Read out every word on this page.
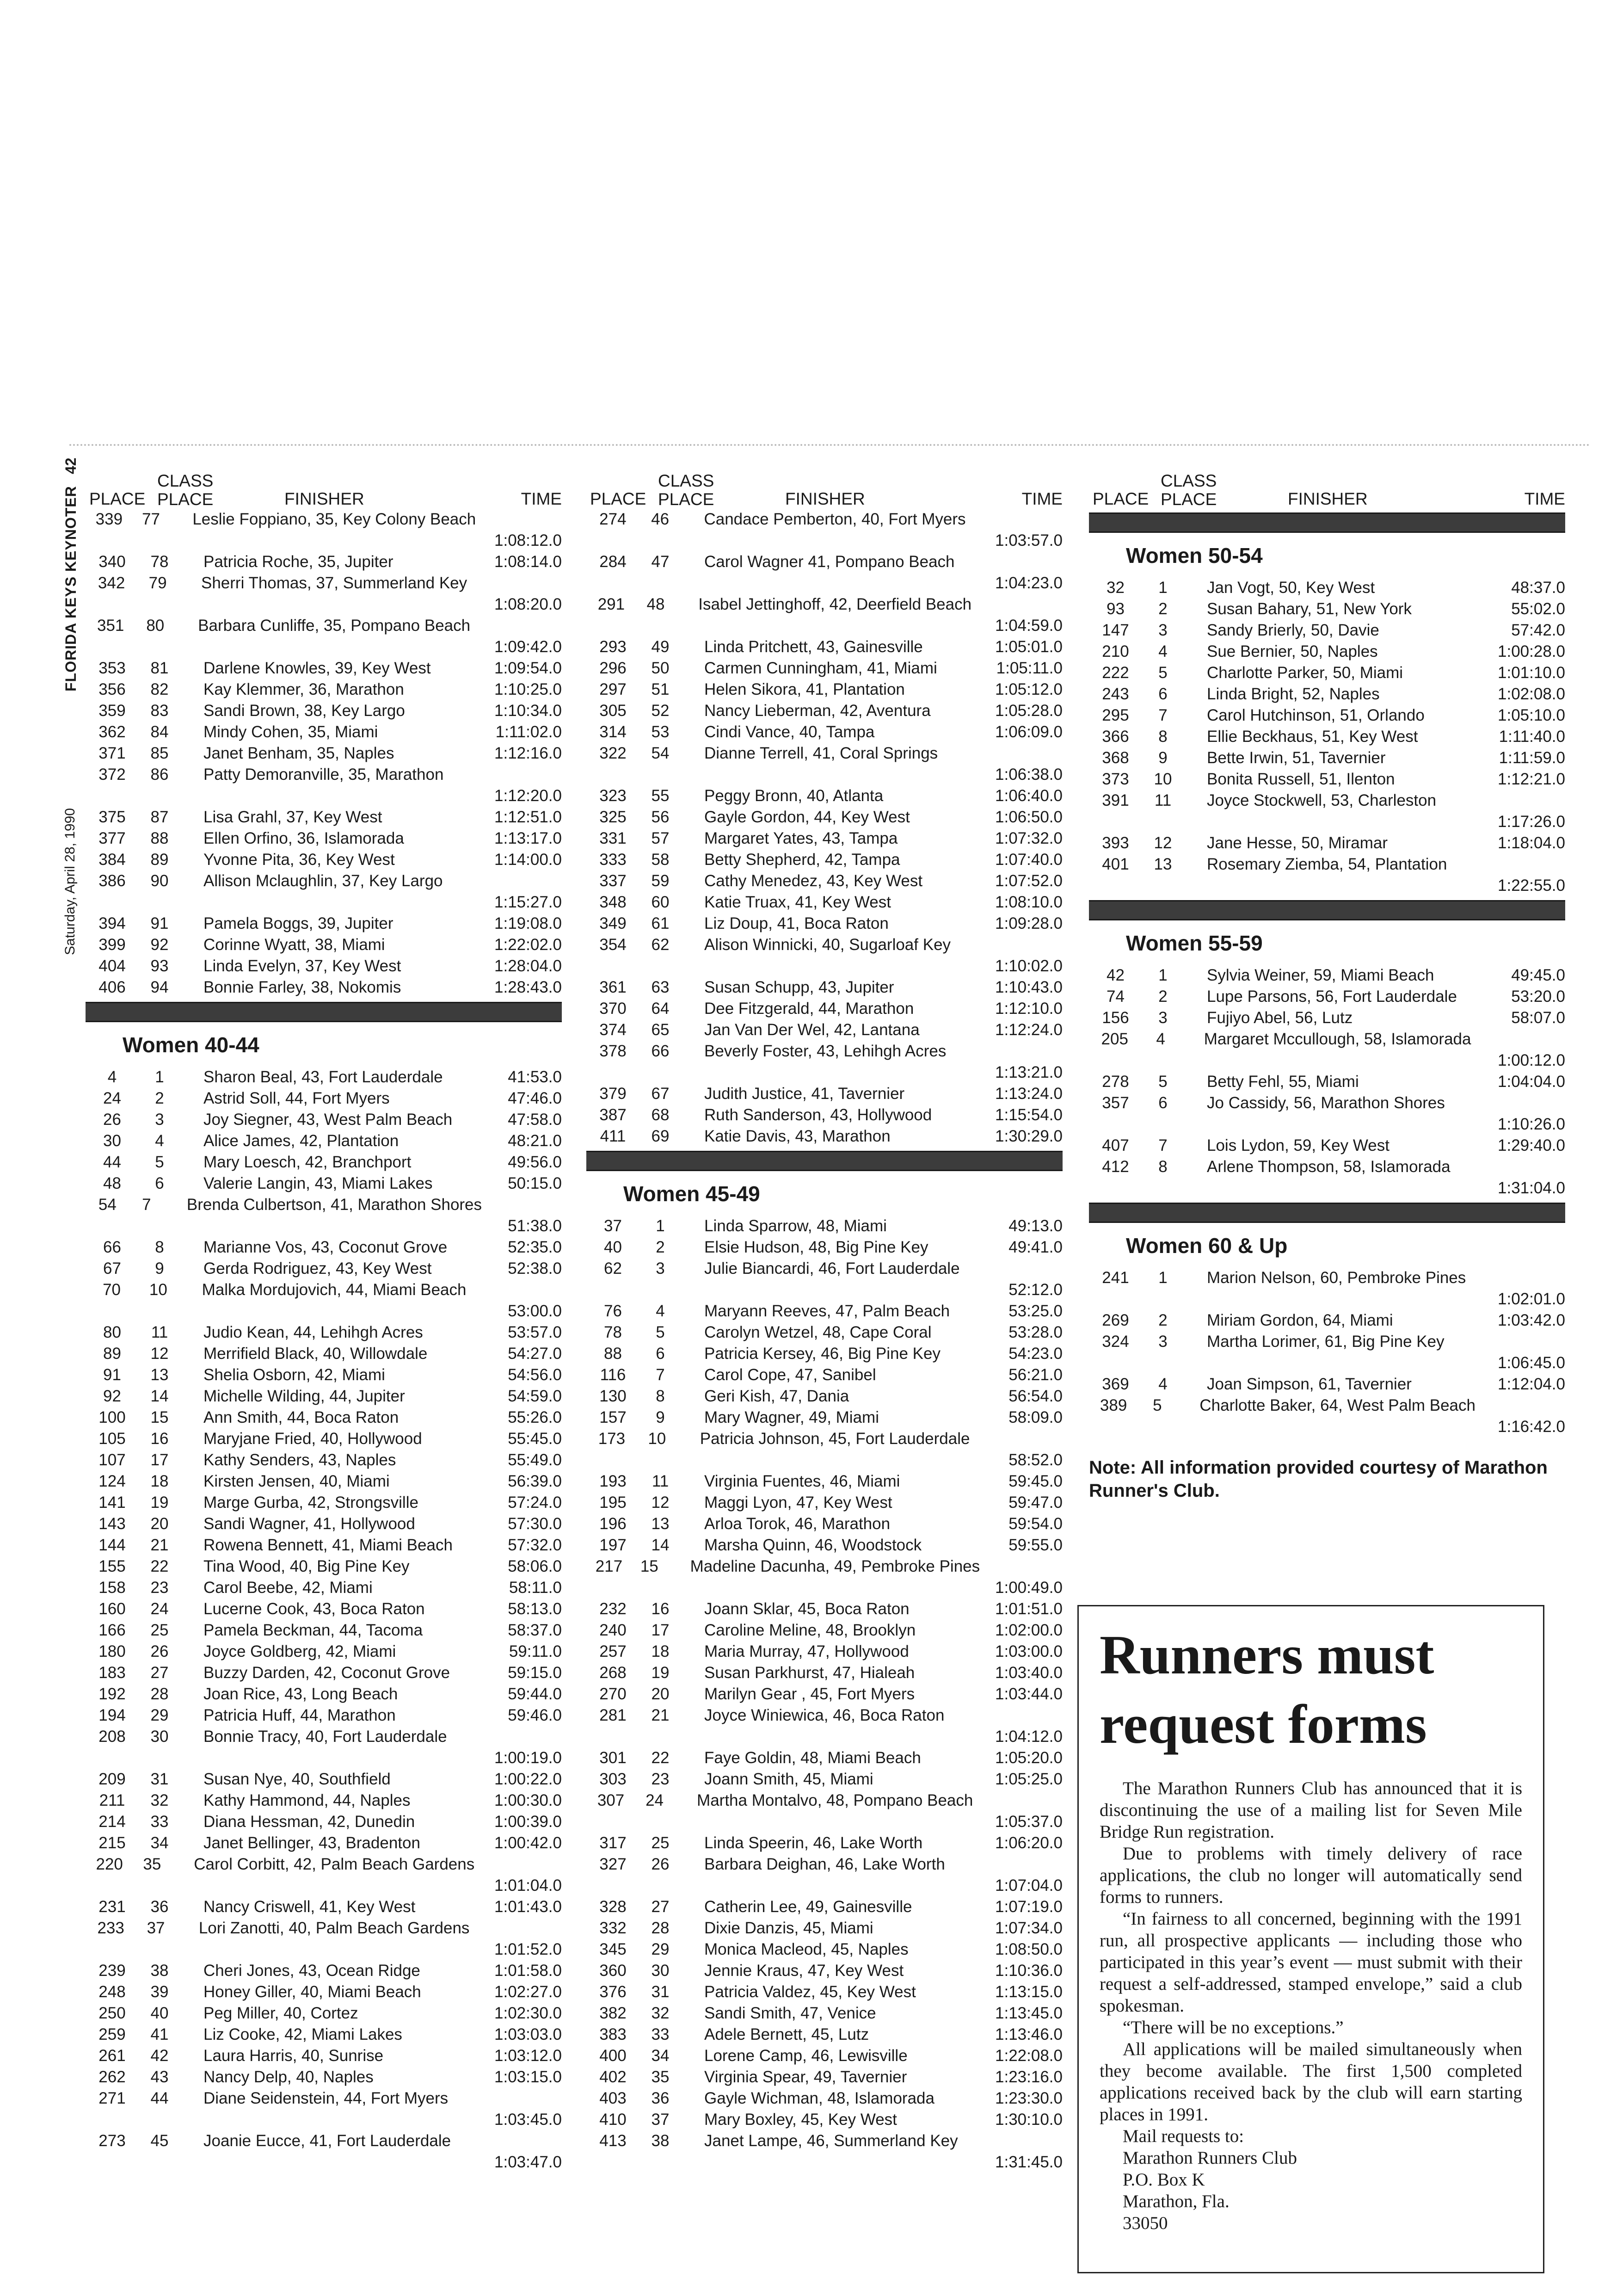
42
FLORIDA KEYS KEYNOTER
Saturday, April 28, 1990
PLACE
CLASS
PLACE	FINISHER	TIME
339	77	Leslie Foppiano, 35, Key Colony Beach
1:08:12.0
340	78	Patricia Roche, 35, Jupiter	1:08:14.0
342	79	Sherri Thomas, 37, Summerland Key
1:08:20.0
351	80	Barbara Cunliffe, 35, Pompano Beach
1:09:42.0
353	81	Darlene Knowles, 39, Key West	1:09:54.0
356	82	Kay Klemmer, 36, Marathon	1:10:25.0
359	83	Sandi Brown, 38, Key Largo	1:10:34.0
362	84	Mindy Cohen, 35, Miami	1:11:02.0
371	85	Janet Benham, 35, Naples	1:12:16.0
372	86	Patty Demoranville, 35, Marathon
1:12:20.0
375	87	Lisa Grahl, 37, Key West	1:12:51.0
377	88	Ellen Orfino, 36, Islamorada	1:13:17.0
384	89	Yvonne Pita, 36, Key West	1:14:00.0
386	90	Allison Mclaughlin, 37, Key Largo
1:15:27.0
394	91	Pamela Boggs, 39, Jupiter	1:19:08.0
399	92	Corinne Wyatt, 38, Miami	1:22:02.0
404	93	Linda Evelyn, 37, Key West	1:28:04.0
406	94	Bonnie Farley, 38, Nokomis	1:28:43.0
Women 40-44
4	1	Sharon Beal, 43, Fort Lauderdale	41:53.0
24	2	Astrid Soll, 44, Fort Myers	47:46.0
26	3	Joy Siegner, 43, West Palm Beach	47:58.0
30	4	Alice James, 42, Plantation	48:21.0
44	5	Mary Loesch, 42, Branchport	49:56.0
48	6	Valerie Langin, 43, Miami Lakes	50:15.0
54	7	Brenda Culbertson, 41, Marathon Shores
51:38.0
66	8	Marianne Vos, 43, Coconut Grove	52:35.0
67	9	Gerda Rodriguez, 43, Key West	52:38.0
70	10	Malka Mordujovich, 44, Miami Beach
53:00.0
80	11	Judio Kean, 44, Lehihgh Acres	53:57.0
89	12	Merrifield Black, 40, Willowdale	54:27.0
91	13	Shelia Osborn, 42, Miami	54:56.0
92	14	Michelle Wilding, 44, Jupiter	54:59.0
100	15	Ann Smith, 44, Boca Raton	55:26.0
105	16	Maryjane Fried, 40, Hollywood	55:45.0
107	17	Kathy Senders, 43, Naples	55:49.0
124	18	Kirsten Jensen, 40, Miami	56:39.0
141	19	Marge Gurba, 42, Strongsville	57:24.0
143	20	Sandi Wagner, 41, Hollywood	57:30.0
144	21	Rowena Bennett, 41, Miami Beach	57:32.0
155	22	Tina Wood, 40, Big Pine Key	58:06.0
158	23	Carol Beebe, 42, Miami	58:11.0
160	24	Lucerne Cook, 43, Boca Raton	58:13.0
166	25	Pamela Beckman, 44, Tacoma	58:37.0
180	26	Joyce Goldberg, 42, Miami	59:11.0
183	27	Buzzy Darden, 42, Coconut Grove	59:15.0
192	28	Joan Rice, 43, Long Beach	59:44.0
194	29	Patricia Huff, 44, Marathon	59:46.0
208	30	Bonnie Tracy, 40, Fort Lauderdale
1:00:19.0
209	31	Susan Nye, 40, Southfield	1:00:22.0
211	32	Kathy Hammond, 44, Naples	1:00:30.0
214	33	Diana Hessman, 42, Dunedin	1:00:39.0
215	34	Janet Bellinger, 43, Bradenton	1:00:42.0
220	35	Carol Corbitt, 42, Palm Beach Gardens
1:01:04.0
231	36	Nancy Criswell, 41, Key West	1:01:43.0
233	37	Lori Zanotti, 40, Palm Beach Gardens
1:01:52.0
239	38	Cheri Jones, 43, Ocean Ridge	1:01:58.0
248	39	Honey Giller, 40, Miami Beach	1:02:27.0
250	40	Peg Miller, 40, Cortez	1:02:30.0
259	41	Liz Cooke, 42, Miami Lakes	1:03:03.0
261	42	Laura Harris, 40, Sunrise	1:03:12.0
262	43	Nancy Delp, 40, Naples	1:03:15.0
271	44	Diane Seidenstein, 44, Fort Myers
1:03:45.0
273	45	Joanie Eucce, 41, Fort Lauderdale
1:03:47.0
PLACE
CLASS
PLACE	FINISHER	TIME
274	46	Candace Pemberton, 40, Fort Myers
1:03:57.0
284	47	Carol Wagner 41, Pompano Beach
1:04:23.0
291	48	Isabel Jettinghoff, 42, Deerfield Beach
1:04:59.0
293	49	Linda Pritchett, 43, Gainesville	1:05:01.0
296	50	Carmen Cunningham, 41, Miami	1:05:11.0
297	51	Helen Sikora, 41, Plantation	1:05:12.0
305	52	Nancy Lieberman, 42, Aventura	1:05:28.0
314	53	Cindi Vance, 40, Tampa	1:06:09.0
322	54	Dianne Terrell, 41, Coral Springs
1:06:38.0
323	55	Peggy Bronn, 40, Atlanta	1:06:40.0
325	56	Gayle Gordon, 44, Key West	1:06:50.0
331	57	Margaret Yates, 43, Tampa	1:07:32.0
333	58	Betty Shepherd, 42, Tampa	1:07:40.0
337	59	Cathy Menedez, 43, Key West	1:07:52.0
348	60	Katie Truax, 41, Key West	1:08:10.0
349	61	Liz Doup, 41, Boca Raton	1:09:28.0
354	62	Alison Winnicki, 40, Sugarloaf Key
1:10:02.0
361	63	Susan Schupp, 43, Jupiter	1:10:43.0
370	64	Dee Fitzgerald, 44, Marathon	1:12:10.0
374	65	Jan Van Der Wel, 42, Lantana	1:12:24.0
378	66	Beverly Foster, 43, Lehihgh Acres
1:13:21.0
379	67	Judith Justice, 41, Tavernier	1:13:24.0
387	68	Ruth Sanderson, 43, Hollywood	1:15:54.0
411	69	Katie Davis, 43, Marathon	1:30:29.0
Women 45-49
37	1	Linda Sparrow, 48, Miami	49:13.0
40	2	Elsie Hudson, 48, Big Pine Key	49:41.0
62	3	Julie Biancardi, 46, Fort Lauderdale
52:12.0
76	4	Maryann Reeves, 47, Palm Beach	53:25.0
78	5	Carolyn Wetzel, 48, Cape Coral	53:28.0
88	6	Patricia Kersey, 46, Big Pine Key	54:23.0
116	7	Carol Cope, 47, Sanibel	56:21.0
130	8	Geri Kish, 47, Dania	56:54.0
157	9	Mary Wagner, 49, Miami	58:09.0
173	10	Patricia Johnson, 45, Fort Lauderdale
58:52.0
193	11	Virginia Fuentes, 46, Miami	59:45.0
195	12	Maggi Lyon, 47, Key West	59:47.0
196	13	Arloa Torok, 46, Marathon	59:54.0
197	14	Marsha Quinn, 46, Woodstock	59:55.0
217	15	Madeline Dacunha, 49, Pembroke Pines
1:00:49.0
232	16	Joann Sklar, 45, Boca Raton	1:01:51.0
240	17	Caroline Meline, 48, Brooklyn	1:02:00.0
257	18	Maria Murray, 47, Hollywood	1:03:00.0
268	19	Susan Parkhurst, 47, Hialeah	1:03:40.0
270	20	Marilyn Gear , 45, Fort Myers	1:03:44.0
281	21	Joyce Winiewica, 46, Boca Raton
1:04:12.0
301	22	Faye Goldin, 48, Miami Beach	1:05:20.0
303	23	Joann Smith, 45, Miami	1:05:25.0
307	24	Martha Montalvo, 48, Pompano Beach
1:05:37.0
317	25	Linda Speerin, 46, Lake Worth	1:06:20.0
327	26	Barbara Deighan, 46, Lake Worth
1:07:04.0
328	27	Catherin Lee, 49, Gainesville	1:07:19.0
332	28	Dixie Danzis, 45, Miami	1:07:34.0
345	29	Monica Macleod, 45, Naples	1:08:50.0
360	30	Jennie Kraus, 47, Key West	1:10:36.0
376	31	Patricia Valdez, 45, Key West	1:13:15.0
382	32	Sandi Smith, 47, Venice	1:13:45.0
383	33	Adele Bernett, 45, Lutz	1:13:46.0
400	34	Lorene Camp, 46, Lewisville	1:22:08.0
402	35	Virginia Spear, 49, Tavernier	1:23:16.0
403	36	Gayle Wichman, 48, Islamorada	1:23:30.0
410	37	Mary Boxley, 45, Key West	1:30:10.0
413	38	Janet Lampe, 46, Summerland Key
1:31:45.0
PLACE
CLASS
PLACE	FINISHER	TIME
Women 50-54
32	1	Jan Vogt, 50, Key West	48:37.0
93	2	Susan Bahary, 51, New York	55:02.0
147	3	Sandy Brierly, 50, Davie	57:42.0
210	4	Sue Bernier, 50, Naples	1:00:28.0
222	5	Charlotte Parker, 50, Miami	1:01:10.0
243	6	Linda Bright, 52, Naples	1:02:08.0
295	7	Carol Hutchinson, 51, Orlando	1:05:10.0
366	8	Ellie Beckhaus, 51, Key West	1:11:40.0
368	9	Bette Irwin, 51, Tavernier	1:11:59.0
373	10	Bonita Russell, 51, Ilenton	1:12:21.0
391	11	Joyce Stockwell, 53, Charleston
1:17:26.0
393	12	Jane Hesse, 50, Miramar	1:18:04.0
401	13	Rosemary Ziemba, 54, Plantation
1:22:55.0
Women 55-59
42	1	Sylvia Weiner, 59, Miami Beach	49:45.0
74	2	Lupe Parsons, 56, Fort Lauderdale	53:20.0
156	3	Fujiyo Abel, 56, Lutz	58:07.0
205	4	Margaret Mccullough, 58, Islamorada
1:00:12.0
278	5	Betty Fehl, 55, Miami	1:04:04.0
357	6	Jo Cassidy, 56, Marathon Shores
1:10:26.0
407	7	Lois Lydon, 59, Key West	1:29:40.0
412	8	Arlene Thompson, 58, Islamorada
1:31:04.0
Women 60 & Up
241	1	Marion Nelson, 60, Pembroke Pines
1:02:01.0
269	2	Miriam Gordon, 64, Miami	1:03:42.0
324	3	Martha Lorimer, 61, Big Pine Key
1:06:45.0
369	4	Joan Simpson, 61, Tavernier	1:12:04.0
389	5	Charlotte Baker, 64, West Palm Beach
1:16:42.0
Note: All information provided courtesy of Marathon Runner's Club.
Runners must request forms

The Marathon Runners Club has announced that it is discontinuing the use of a mailing list for Seven Mile Bridge Run registration.

Due to problems with timely delivery of race applications, the club no longer will automatically send forms to runners.

“In fairness to all concerned, beginning with the 1991 run, all prospective applicants — including those who participated in this year’s event — must submit with their request a self-addressed, stamped envelope,” said a club spokesman.

“There will be no exceptions.”

All applications will be mailed simultaneously when they become available. The first 1,500 completed applications received back by the club will earn starting places in 1991.

Mail requests to:

Marathon Runners Club

P.O. Box K

Marathon, Fla.

33050
